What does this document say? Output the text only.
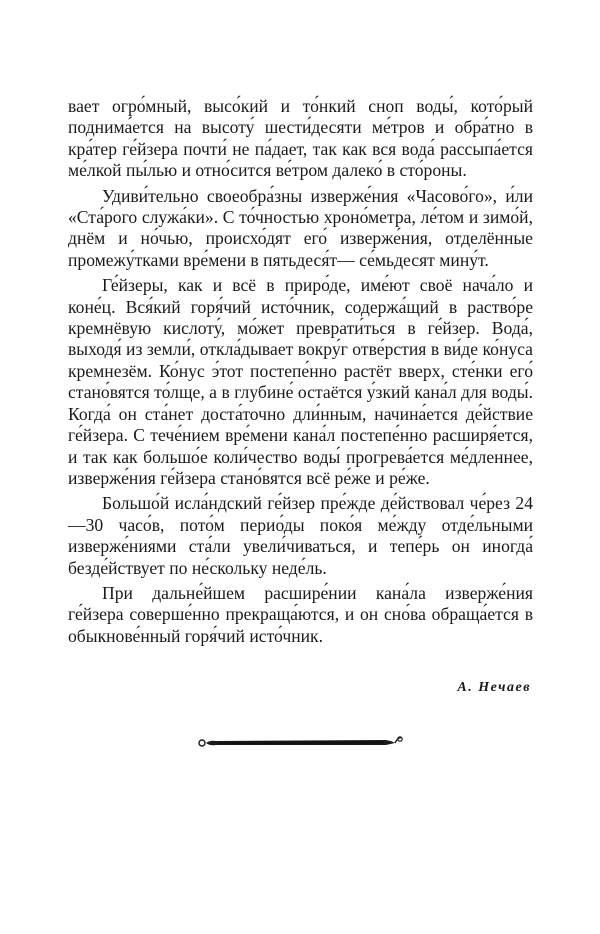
вает огро́мный, высо́кий и то́нкий сноп воды́, кото́рый поднима́ется на высоту́ шести́десяти ме́тров и обра́тно в кра́тер ге́йзера почти́ не па́дает, так как вся вода́ рассыпа́ется ме́лкой пы́лью и отно́сится ве́тром далеко́ в сто́роны.

Удиви́тельно своеобра́зны изверже́ния «Часово́го», и́ли «Ста́рого служа́ки». С то́чностью хроно́метра, ле́том и зимо́й, днём и но́чью, происхо́дят его́ изверже́ния, отделённые промежу́тками вре́мени в пятьдеся́т— се́мьдесят мину́т.

Ге́йзеры, как и всё в приро́де, име́ют своё нача́ло и коне́ц. Вся́кий горя́чий исто́чник, содержа́щий в раство́ре кремнёвую кислоту́, мо́жет преврати́ться в ге́йзер. Вода́, выходя́ из земли́, откла́дывает вокру́г отве́рстия в ви́де ко́нуса кремнезём. Ко́нус э́тот постепе́нно растёт вверх, сте́нки его́ стано́вятся то́лще, а в глубине́ остаётся у́зкий кана́л для воды́. Когда́ он ста́нет доста́точно дли́нным, начина́ется де́йствие ге́йзера. С тече́нием вре́мени кана́л постепе́нно расширя́ется, и так как большо́е коли́чество воды́ прогрева́ется ме́дленнее, изверже́ния ге́йзера стано́вятся всё ре́же и ре́же.

Большо́й исла́ндский ге́йзер пре́жде де́йствовал че́рез 24—30 часо́в, пото́м перио́ды поко́я ме́жду отде́льными изверже́ниями ста́ли увели́чиваться, и тепе́рь он иногда́ безде́йствует по не́скольку неде́ль.

При дальне́йшем расшире́нии кана́ла изверже́ния ге́йзера соверше́нно прекраща́ются, и он сно́ва обраща́ется в обыкнове́нный горя́чий исто́чник.

А. Нечаев
